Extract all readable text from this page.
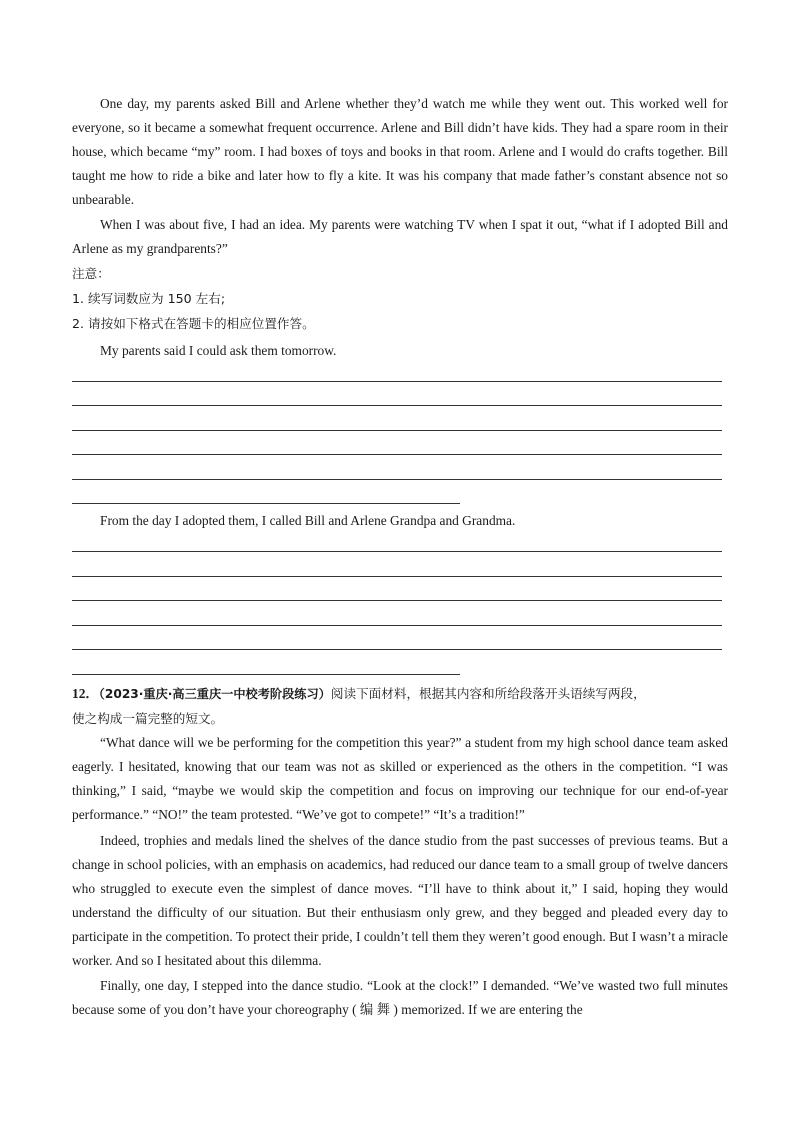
One day, my parents asked Bill and Arlene whether they’d watch me while they went out. This worked well for everyone, so it became a somewhat frequent occurrence. Arlene and Bill didn’t have kids. They had a spare room in their house, which became “my” room. I had boxes of toys and books in that room. Arlene and I would do crafts together. Bill taught me how to ride a bike and later how to fly a kite. It was his company that made father’s constant absence not so unbearable.

When I was about five, I had an idea. My parents were watching TV when I spat it out, “what if I adopted Bill and Arlene as my grandparents?”

注意：
1. 续写词数应为 150 左右;
2. 请按如下格式在答题卡的相应位置作答。
My parents said I could ask them tomorrow.
From the day I adopted them, I called Bill and Arlene Grandpa and Grandma.
12．（2023·重庆·高三重庆一中校考阶段练习）阅读下面材料，根据其内容和所给段落开头语续写两段，
使之构成一篇完整的短文。

“What dance will we be performing for the competition this year?” a student from my high school dance team asked eagerly. I hesitated, knowing that our team was not as skilled or experienced as the others in the competition. “I was thinking,” I said, “maybe we would skip the competition and focus on improving our technique for our end-of-year performance.” “NO!” the team protested. “We’ve got to compete!” “It’s a tradition!”

Indeed, trophies and medals lined the shelves of the dance studio from the past successes of previous teams. But a change in school policies, with an emphasis on academics, had reduced our dance team to a small group of twelve dancers who struggled to execute even the simplest of dance moves. “I’ll have to think about it,” I said, hoping they would understand the difficulty of our situation. But their enthusiasm only grew, and they begged and pleaded every day to participate in the competition. To protect their pride, I couldn’t tell them they weren’t good enough. But I wasn’t a miracle worker. And so I hesitated about this dilemma.

Finally, one day, I stepped into the dance studio. “Look at the clock!” I demanded. “We’ve wasted two full minutes because some of you don’t have your choreography ( 编 舞 ) memorized. If we are entering the
